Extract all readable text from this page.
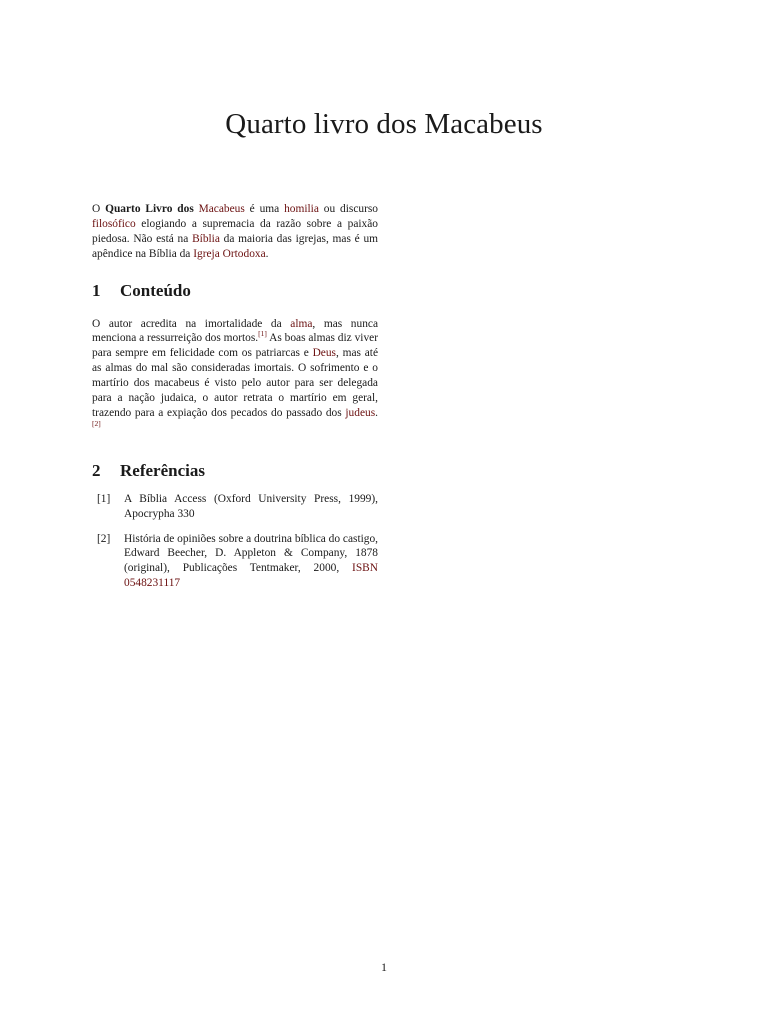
Quarto livro dos Macabeus

O Quarto Livro dos Macabeus é uma homilia ou discurso filosófico elogiando a supremacia da razão sobre a paixão piedosa. Não está na Bíblia da maioria das igrejas, mas é um apêndice na Bíblia da Igreja Ortodoxa.

1	Conteúdo

O autor acredita na imortalidade da alma, mas nunca menciona a ressurreição dos mortos.[1] As boas almas diz viver para sempre em felicidade com os patriarcas e Deus, mas até as almas do mal são consideradas imortais. O sofrimento e o martírio dos macabeus é visto pelo autor para ser delegada para a nação judaica, o autor retrata o martírio em geral, trazendo para a expiação dos pecados do passado dos judeus.[2]

2	Referências
[1]	A Bíblia Access (Oxford University Press, 1999), Apocrypha 330
[2]	História de opiniões sobre a doutrina bíblica do castigo, Edward Beecher, D. Appleton & Company, 1878 (original), Publicações Tentmaker, 2000, ISBN 0548231117
1
